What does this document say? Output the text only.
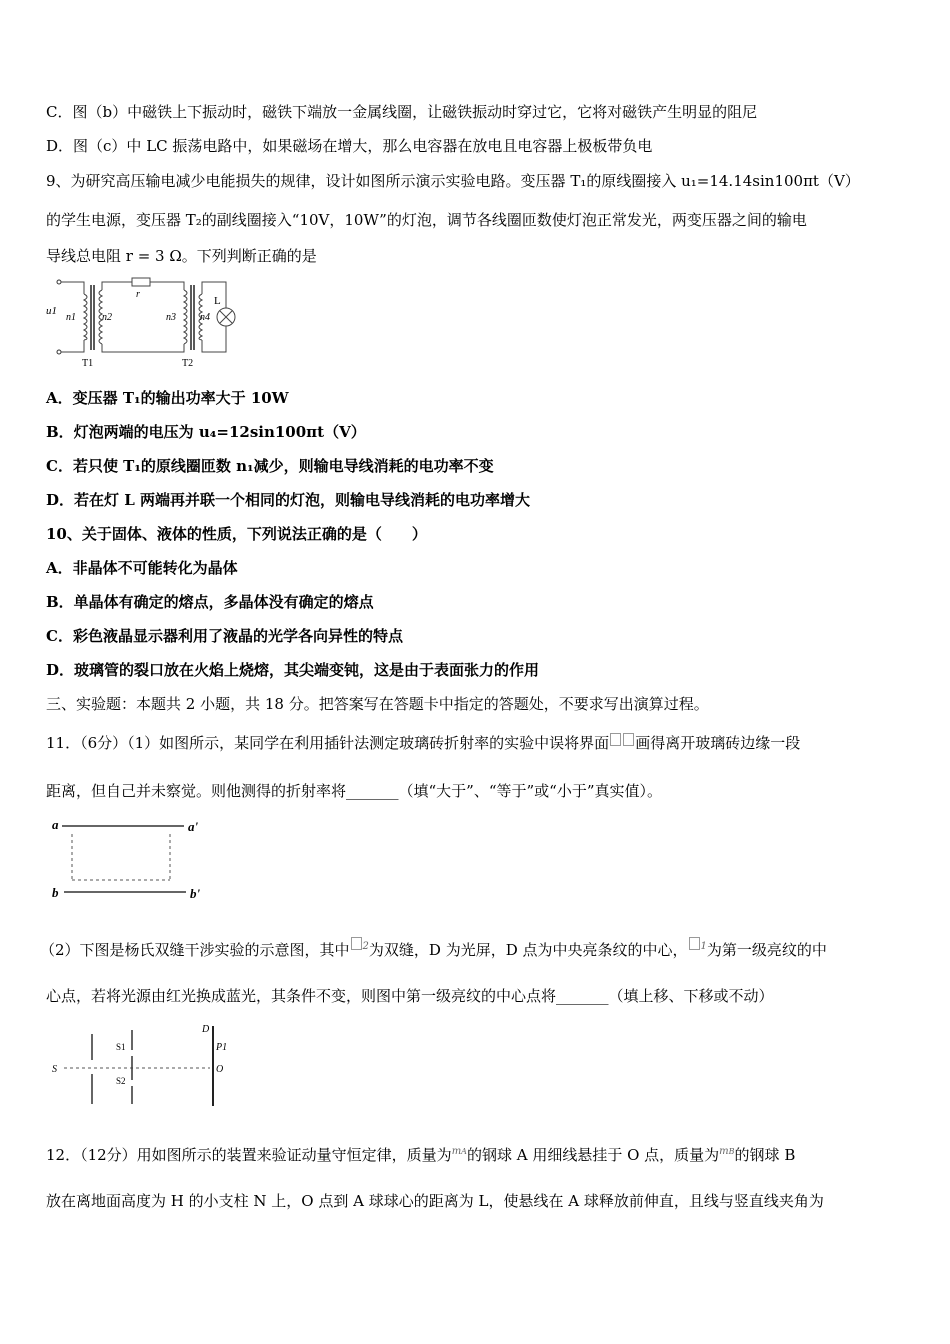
C．图（b）中磁铁上下振动时，磁铁下端放一金属线圈，让磁铁振动时穿过它，它将对磁铁产生明显的阻尼
D．图（c）中 LC 振荡电路中，如果磁场在增大，那么电容器在放电且电容器上极板带负电
9、为研究高压输电减少电能损失的规律，设计如图所示演示实验电路。变压器 T₁的原线圈接入 u₁=14.14sin100πt（V）
的学生电源，变压器 T₂的副线圈接入“10V，10W”的灯泡，调节各线圈匝数使灯泡正常发光，两变压器之间的输电
导线总电阻 r = 3 Ω。下列判断正确的是
u1
n1	n2
r
n3 n4
L
T1	T2
A．变压器 T₁的输出功率大于 10W
B．灯泡两端的电压为 u₄=12sin100πt（V）
C．若只使 T₁的原线圈匝数 n₁减少，则输电导线消耗的电功率不变
D．若在灯 L 两端再并联一个相同的灯泡，则输电导线消耗的电功率增大
10、关于固体、液体的性质，下列说法正确的是（　　）
A．非晶体不可能转化为晶体
B．单晶体有确定的熔点，多晶体没有确定的熔点
C．彩色液晶显示器利用了液晶的光学各向异性的特点
D．玻璃管的裂口放在火焰上烧熔，其尖端变钝，这是由于表面张力的作用
三、实验题：本题共 2 小题，共 18 分。把答案写在答题卡中指定的答题处，不要求写出演算过程。
11．（6分）（1）如图所示，某同学在利用插针法测定玻璃砖折射率的实验中误将界面 画得离开玻璃砖边缘一段
距离，但自己并未察觉。则他测得的折射率将_______（填“大于”、“等于”或“小于”真实值）。
a	a'
b	b'
（2）下图是杨氏双缝干涉实验的示意图，其中 $^2$为双缝，D 为光屏，D 点为中央亮条纹的中心， $^1$为第一级亮纹的中
心点，若将光源由红光换成蓝光，其条件不变，则图中第一级亮纹的中心点将_______（填上移、下移或不动）
S
S1
S2
D
P1
O
12．（12分）用如图所示的装置来验证动量守恒定律，质量为$^{mA}$的钢球 A 用细线悬挂于 O 点，质量为$^{mB}$的钢球 B
放在离地面高度为 H 的小支柱 N 上，O 点到 A 球球心的距离为 L，使悬线在 A 球释放前伸直，且线与竖直线夹角为
